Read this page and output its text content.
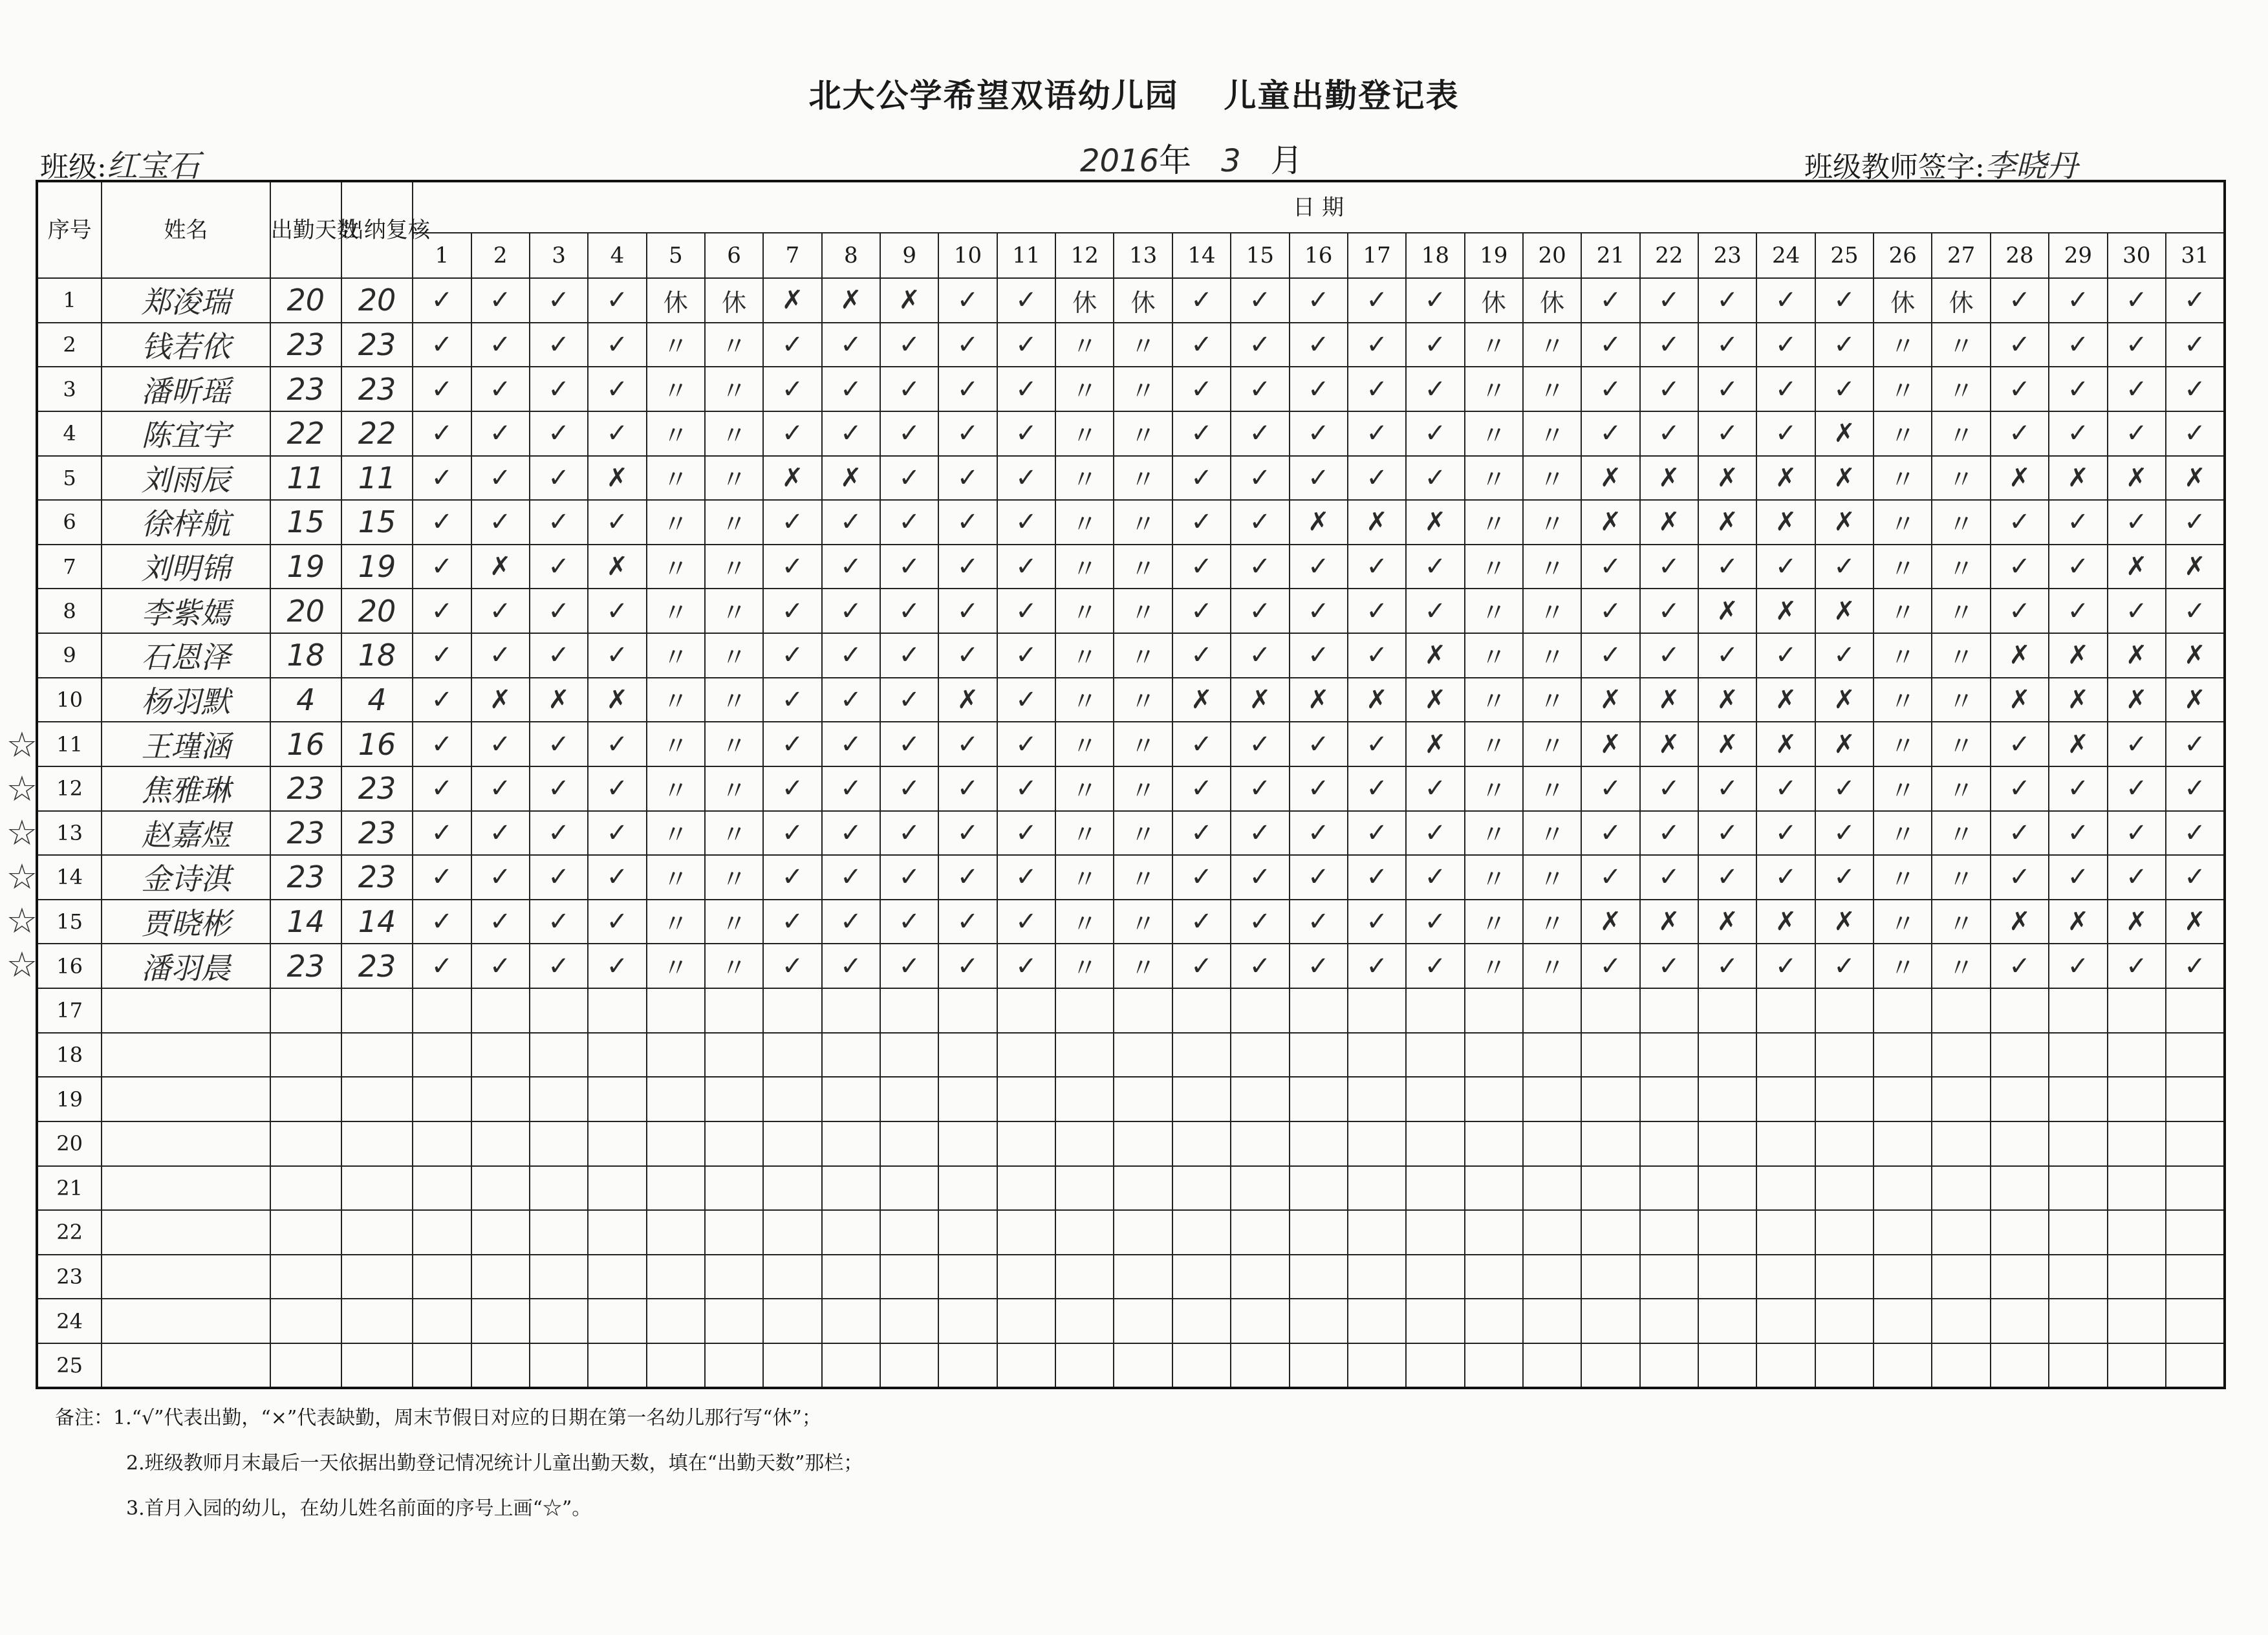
北大公学希望双语幼儿园 儿童出勤登记表
班级:红宝石	2016年 3 月	班级教师签字:李晓丹
序号	姓名	出勤天数	出纳复核	日 期																														
				1	2	3	4	5	6	7	8	9	10	11	12	13	14	15	16	17	18	19	20	21	22	23	24	25	26	27	28	29	30	31
1	郑浚瑞	20	20	✓	✓	✓	✓	休	休	✗	✗	✗	✓	✓	休	休	✓	✓	✓	✓	✓	休	休	✓	✓	✓	✓	✓	休	休	✓	✓	✓	✓
2	钱若依	23	23	✓	✓	✓	✓	〃	〃	✓	✓	✓	✓	✓	〃	〃	✓	✓	✓	✓	✓	〃	〃	✓	✓	✓	✓	✓	〃	〃	✓	✓	✓	✓
3	潘昕瑶	23	23	✓	✓	✓	✓	〃	〃	✓	✓	✓	✓	✓	〃	〃	✓	✓	✓	✓	✓	〃	〃	✓	✓	✓	✓	✓	〃	〃	✓	✓	✓	✓
4	陈宜宇	22	22	✓	✓	✓	✓	〃	〃	✓	✓	✓	✓	✓	〃	〃	✓	✓	✓	✓	✓	〃	〃	✓	✓	✓	✓	✗	〃	〃	✓	✓	✓	✓
5	刘雨辰	11	11	✓	✓	✓	✗	〃	〃	✗	✗	✓	✓	✓	〃	〃	✓	✓	✓	✓	✓	〃	〃	✗	✗	✗	✗	✗	〃	〃	✗	✗	✗	✗
6	徐梓航	15	15	✓	✓	✓	✓	〃	〃	✓	✓	✓	✓	✓	〃	〃	✓	✓	✗	✗	✗	〃	〃	✗	✗	✗	✗	✗	〃	〃	✓	✓	✓	✓
7	刘明锦	19	19	✓	✗	✓	✗	〃	〃	✓	✓	✓	✓	✓	〃	〃	✓	✓	✓	✓	✓	〃	〃	✓	✓	✓	✓	✓	〃	〃	✓	✓	✗	✗
8	李紫嫣	20	20	✓	✓	✓	✓	〃	〃	✓	✓	✓	✓	✓	〃	〃	✓	✓	✓	✓	✓	〃	〃	✓	✓	✗	✗	✗	〃	〃	✓	✓	✓	✓
9	石恩泽	18	18	✓	✓	✓	✓	〃	〃	✓	✓	✓	✓	✓	〃	〃	✓	✓	✓	✓	✗	〃	〃	✓	✓	✓	✓	✓	〃	〃	✗	✗	✗	✗
10	杨羽默	4	4	✓	✗	✗	✗	〃	〃	✓	✓	✓	✗	✓	〃	〃	✗	✗	✗	✗	✗	〃	〃	✗	✗	✗	✗	✗	〃	〃	✗	✗	✗	✗
11	王瑾涵	16	16	✓	✓	✓	✓	〃	〃	✓	✓	✓	✓	✓	〃	〃	✓	✓	✓	✓	✗	〃	〃	✗	✗	✗	✗	✗	〃	〃	✓	✗	✓	✓
12	焦雅琳	23	23	✓	✓	✓	✓	〃	〃	✓	✓	✓	✓	✓	〃	〃	✓	✓	✓	✓	✓	〃	〃	✓	✓	✓	✓	✓	〃	〃	✓	✓	✓	✓
13	赵嘉煜	23	23	✓	✓	✓	✓	〃	〃	✓	✓	✓	✓	✓	〃	〃	✓	✓	✓	✓	✓	〃	〃	✓	✓	✓	✓	✓	〃	〃	✓	✓	✓	✓
14	金诗淇	23	23	✓	✓	✓	✓	〃	〃	✓	✓	✓	✓	✓	〃	〃	✓	✓	✓	✓	✓	〃	〃	✓	✓	✓	✓	✓	〃	〃	✓	✓	✓	✓
15	贾晓彬	14	14	✓	✓	✓	✓	〃	〃	✓	✓	✓	✓	✓	〃	〃	✓	✓	✓	✓	✓	〃	〃	✗	✗	✗	✗	✗	〃	〃	✗	✗	✗	✗
16	潘羽晨	23	23	✓	✓	✓	✓	〃	〃	✓	✓	✓	✓	✓	〃	〃	✓	✓	✓	✓	✓	〃	〃	✓	✓	✓	✓	✓	〃	〃	✓	✓	✓	✓
17																																		
18																																		
19																																		
20																																		
21																																		
22																																		
23																																		
24																																		
25																																		
☆
☆
☆
☆
☆
☆
备注：1.“√”代表出勤，“×”代表缺勤，周末节假日对应的日期在第一名幼儿那行写“休”；
2.班级教师月末最后一天依据出勤登记情况统计儿童出勤天数，填在“出勤天数”那栏；
3.首月入园的幼儿，在幼儿姓名前面的序号上画“☆”。
